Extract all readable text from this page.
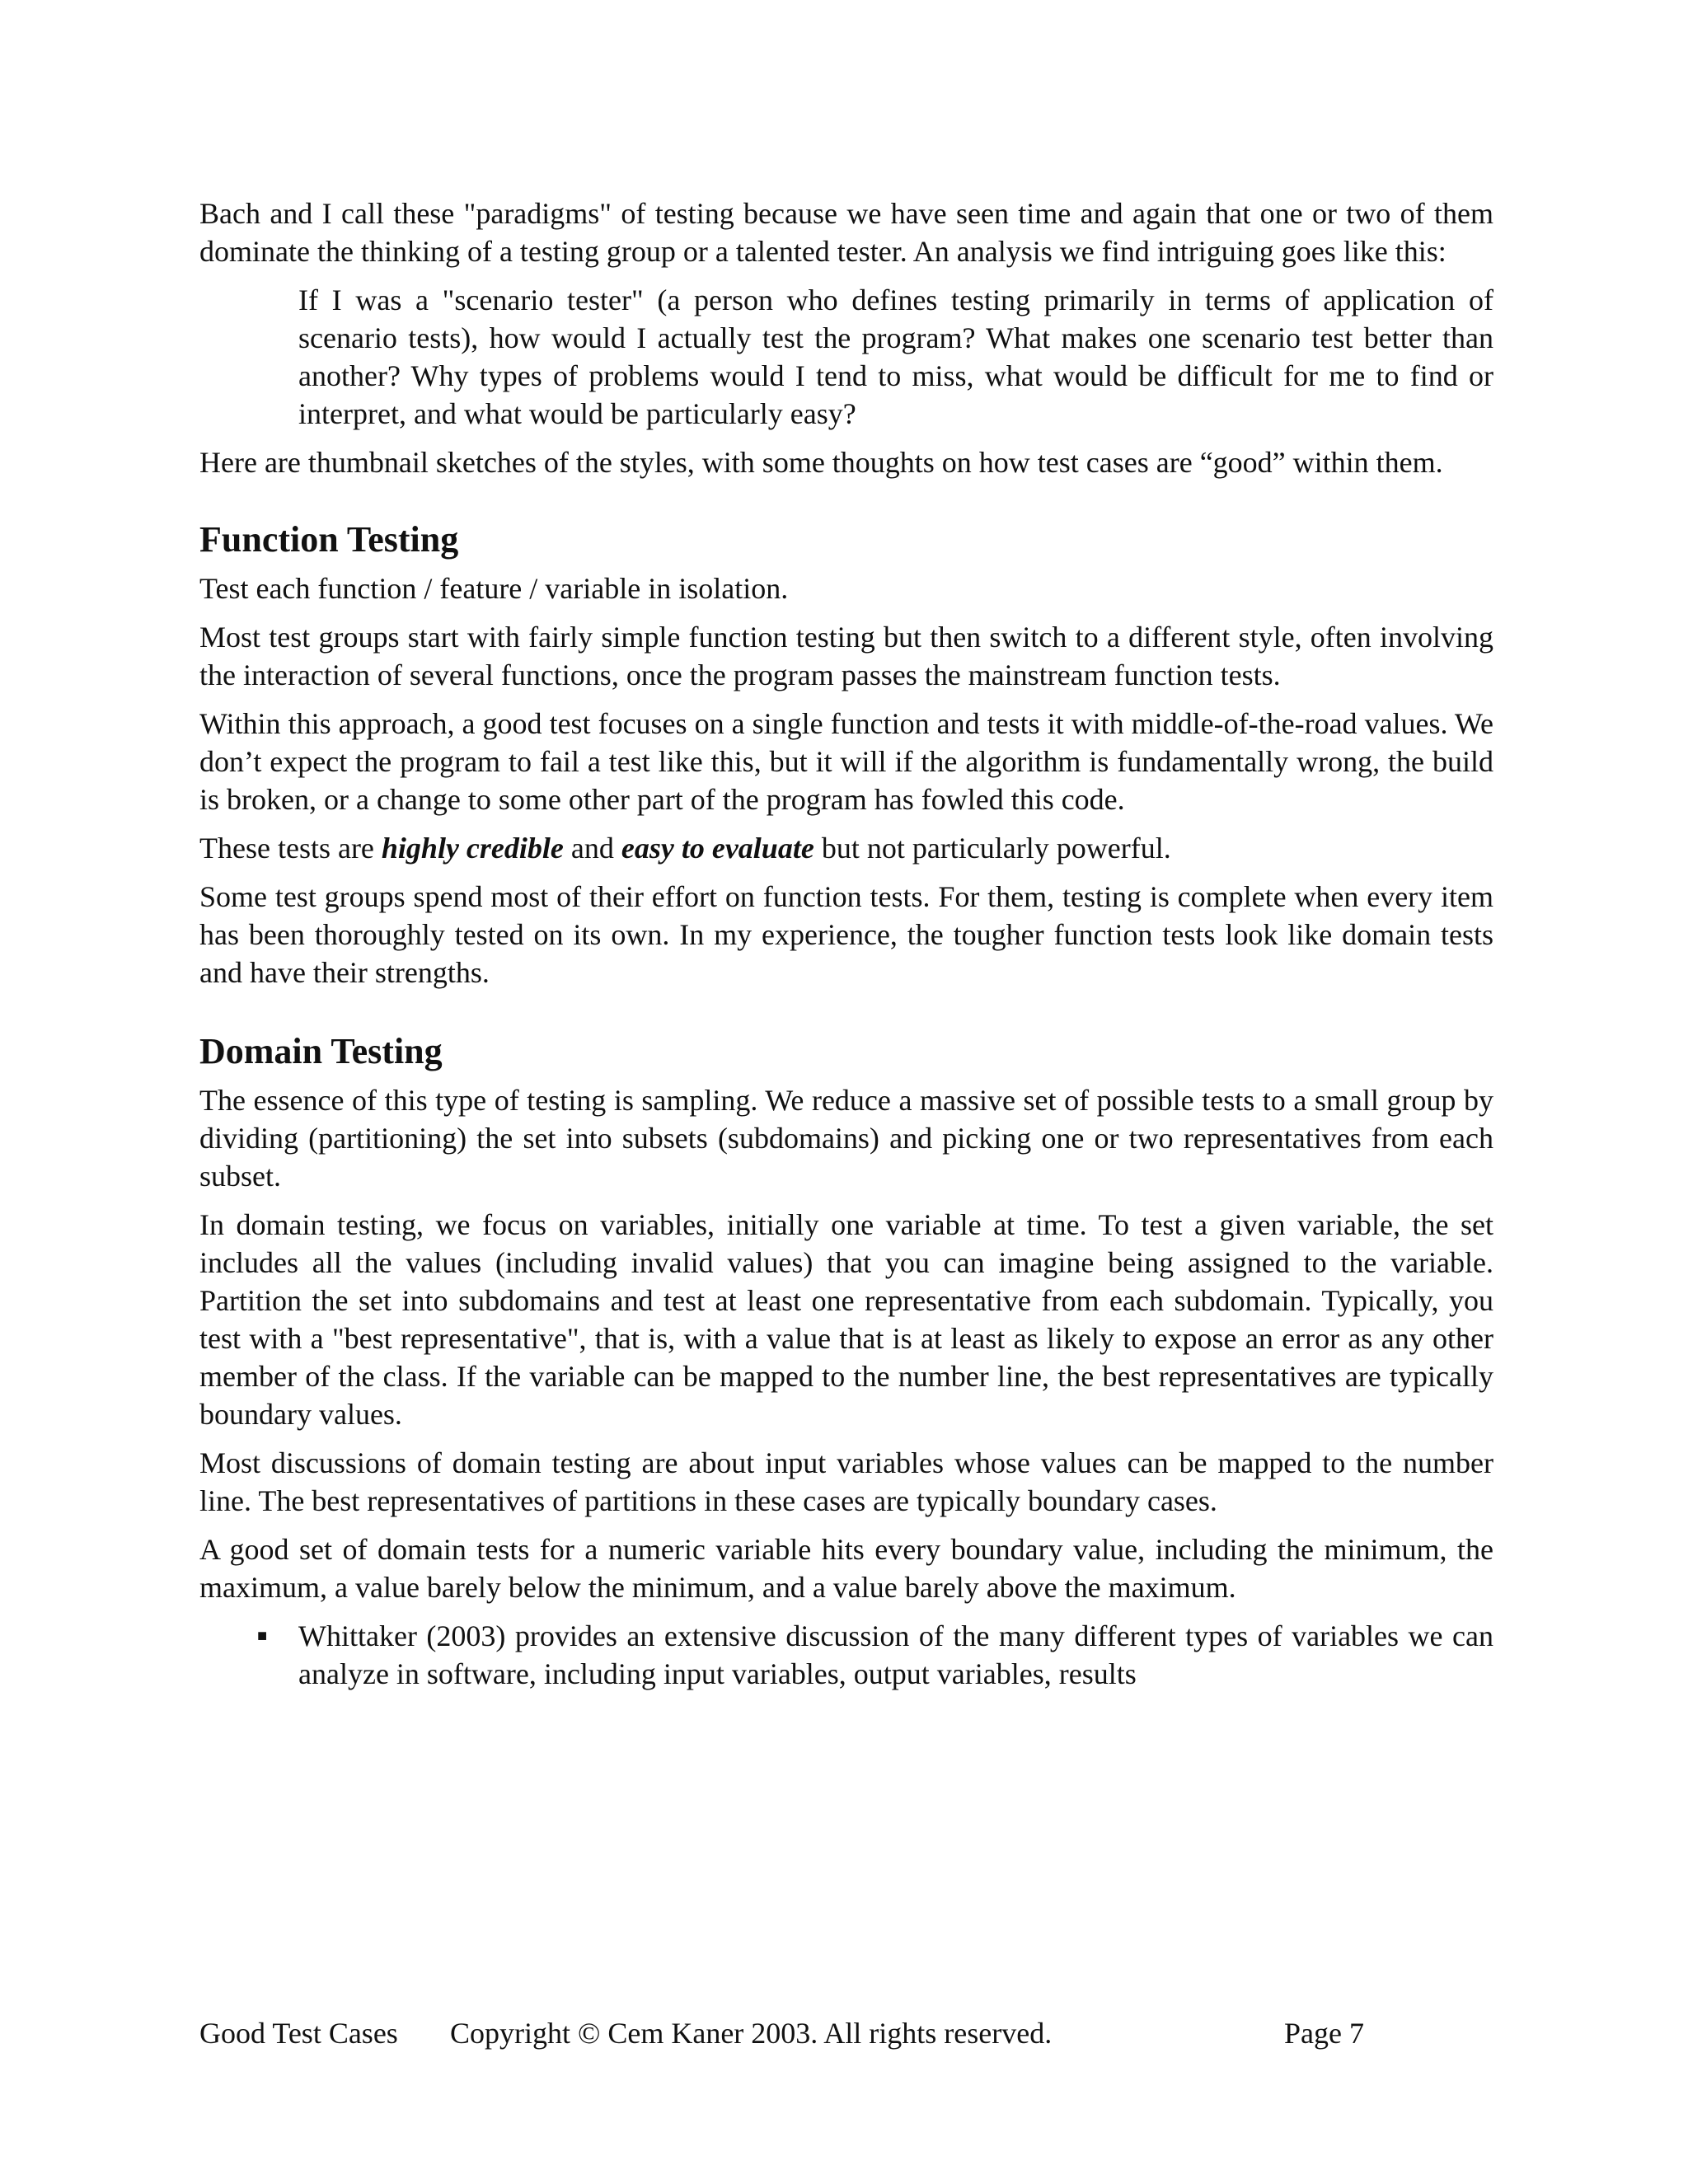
Bach and I call these "paradigms" of testing because we have seen time and again that one or two of them dominate the thinking of a testing group or a talented tester. An analysis we find intriguing goes like this:

If I was a "scenario tester" (a person who defines testing primarily in terms of application of scenario tests), how would I actually test the program? What makes one scenario test better than another? Why types of problems would I tend to miss, what would be difficult for me to find or interpret, and what would be particularly easy?

Here are thumbnail sketches of the styles, with some thoughts on how test cases are “good” within them.

Function Testing

Test each function / feature / variable in isolation.

Most test groups start with fairly simple function testing but then switch to a different style, often involving the interaction of several functions, once the program passes the mainstream function tests.

Within this approach, a good test focuses on a single function and tests it with middle-of-the-road values. We don’t expect the program to fail a test like this, but it will if the algorithm is fundamentally wrong, the build is broken, or a change to some other part of the program has fowled this code.

These tests are highly credible and easy to evaluate but not particularly powerful.

Some test groups spend most of their effort on function tests. For them, testing is complete when every item has been thoroughly tested on its own. In my experience, the tougher function tests look like domain tests and have their strengths.

Domain Testing

The essence of this type of testing is sampling. We reduce a massive set of possible tests to a small group by dividing (partitioning) the set into subsets (subdomains) and picking one or two representatives from each subset.

In domain testing, we focus on variables, initially one variable at time. To test a given variable, the set includes all the values (including invalid values) that you can imagine being assigned to the variable. Partition the set into subdomains and test at least one representative from each subdomain. Typically, you test with a "best representative", that is, with a value that is at least as likely to expose an error as any other member of the class. If the variable can be mapped to the number line, the best representatives are typically boundary values.

Most discussions of domain testing are about input variables whose values can be mapped to the number line. The best representatives of partitions in these cases are typically boundary cases.

A good set of domain tests for a numeric variable hits every boundary value, including the minimum, the maximum, a value barely below the minimum, and a value barely above the maximum.

■	Whittaker (2003) provides an extensive discussion of the many different types of variables we can analyze in software, including input variables, output variables, results
Good Test Cases Copyright © Cem Kaner 2003. All rights reserved.	Page 7
